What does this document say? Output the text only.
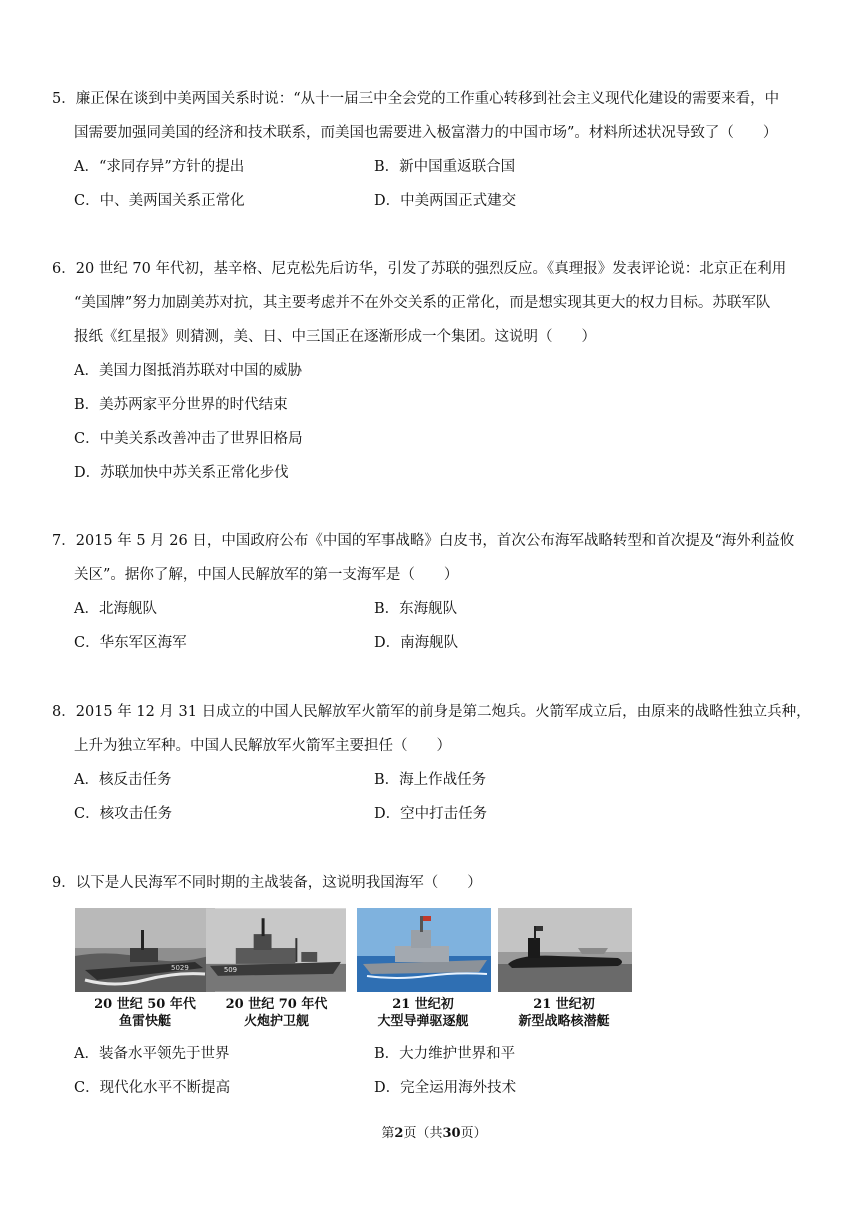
5．廉正保在谈到中美两国关系时说：“从十一届三中全会党的工作重心转移到社会主义现代化建设的需要来看，中
国需要加强同美国的经济和技术联系，而美国也需要进入极富潜力的中国市场”。材料所述状况导致了（　　）
A．“求同存异”方针的提出	B．新中国重返联合国
C．中、美两国关系正常化	D．中美两国正式建交
6．20 世纪 70 年代初，基辛格、尼克松先后访华，引发了苏联的强烈反应。《真理报》发表评论说：北京正在利用
“美国牌”努力加剧美苏对抗，其主要考虑并不在外交关系的正常化，而是想实现其更大的权力目标。苏联军队
报纸《红星报》则猜测，美、日、中三国正在逐渐形成一个集团。这说明（　　）
A．美国力图抵消苏联对中国的威胁
B．美苏两家平分世界的时代结束
C．中美关系改善冲击了世界旧格局
D．苏联加快中苏关系正常化步伐
7．2015 年 5 月 26 日，中国政府公布《中国的军事战略》白皮书，首次公布海军战略转型和首次提及“海外利益攸
关区”。据你了解，中国人民解放军的第一支海军是（　　）
A．北海舰队	B．东海舰队
C．华东军区海军	D．南海舰队
8．2015 年 12 月 31 日成立的中国人民解放军火箭军的前身是第二炮兵。火箭军成立后，由原来的战略性独立兵种，
上升为独立军种。中国人民解放军火箭军主要担任（　　）
A．核反击任务	B．海上作战任务
C．核攻击任务	D．空中打击任务
9．以下是人民海军不同时期的主战装备，这说明我国海军（　　）
5029
20 世纪 50 年代
鱼雷快艇
509
20 世纪 70 年代
火炮护卫舰
21 世纪初
大型导弹驱逐舰
21 世纪初
新型战略核潜艇
A．装备水平领先于世界	B．大力维护世界和平
C．现代化水平不断提高	D．完全运用海外技术
第2页（共30页）
